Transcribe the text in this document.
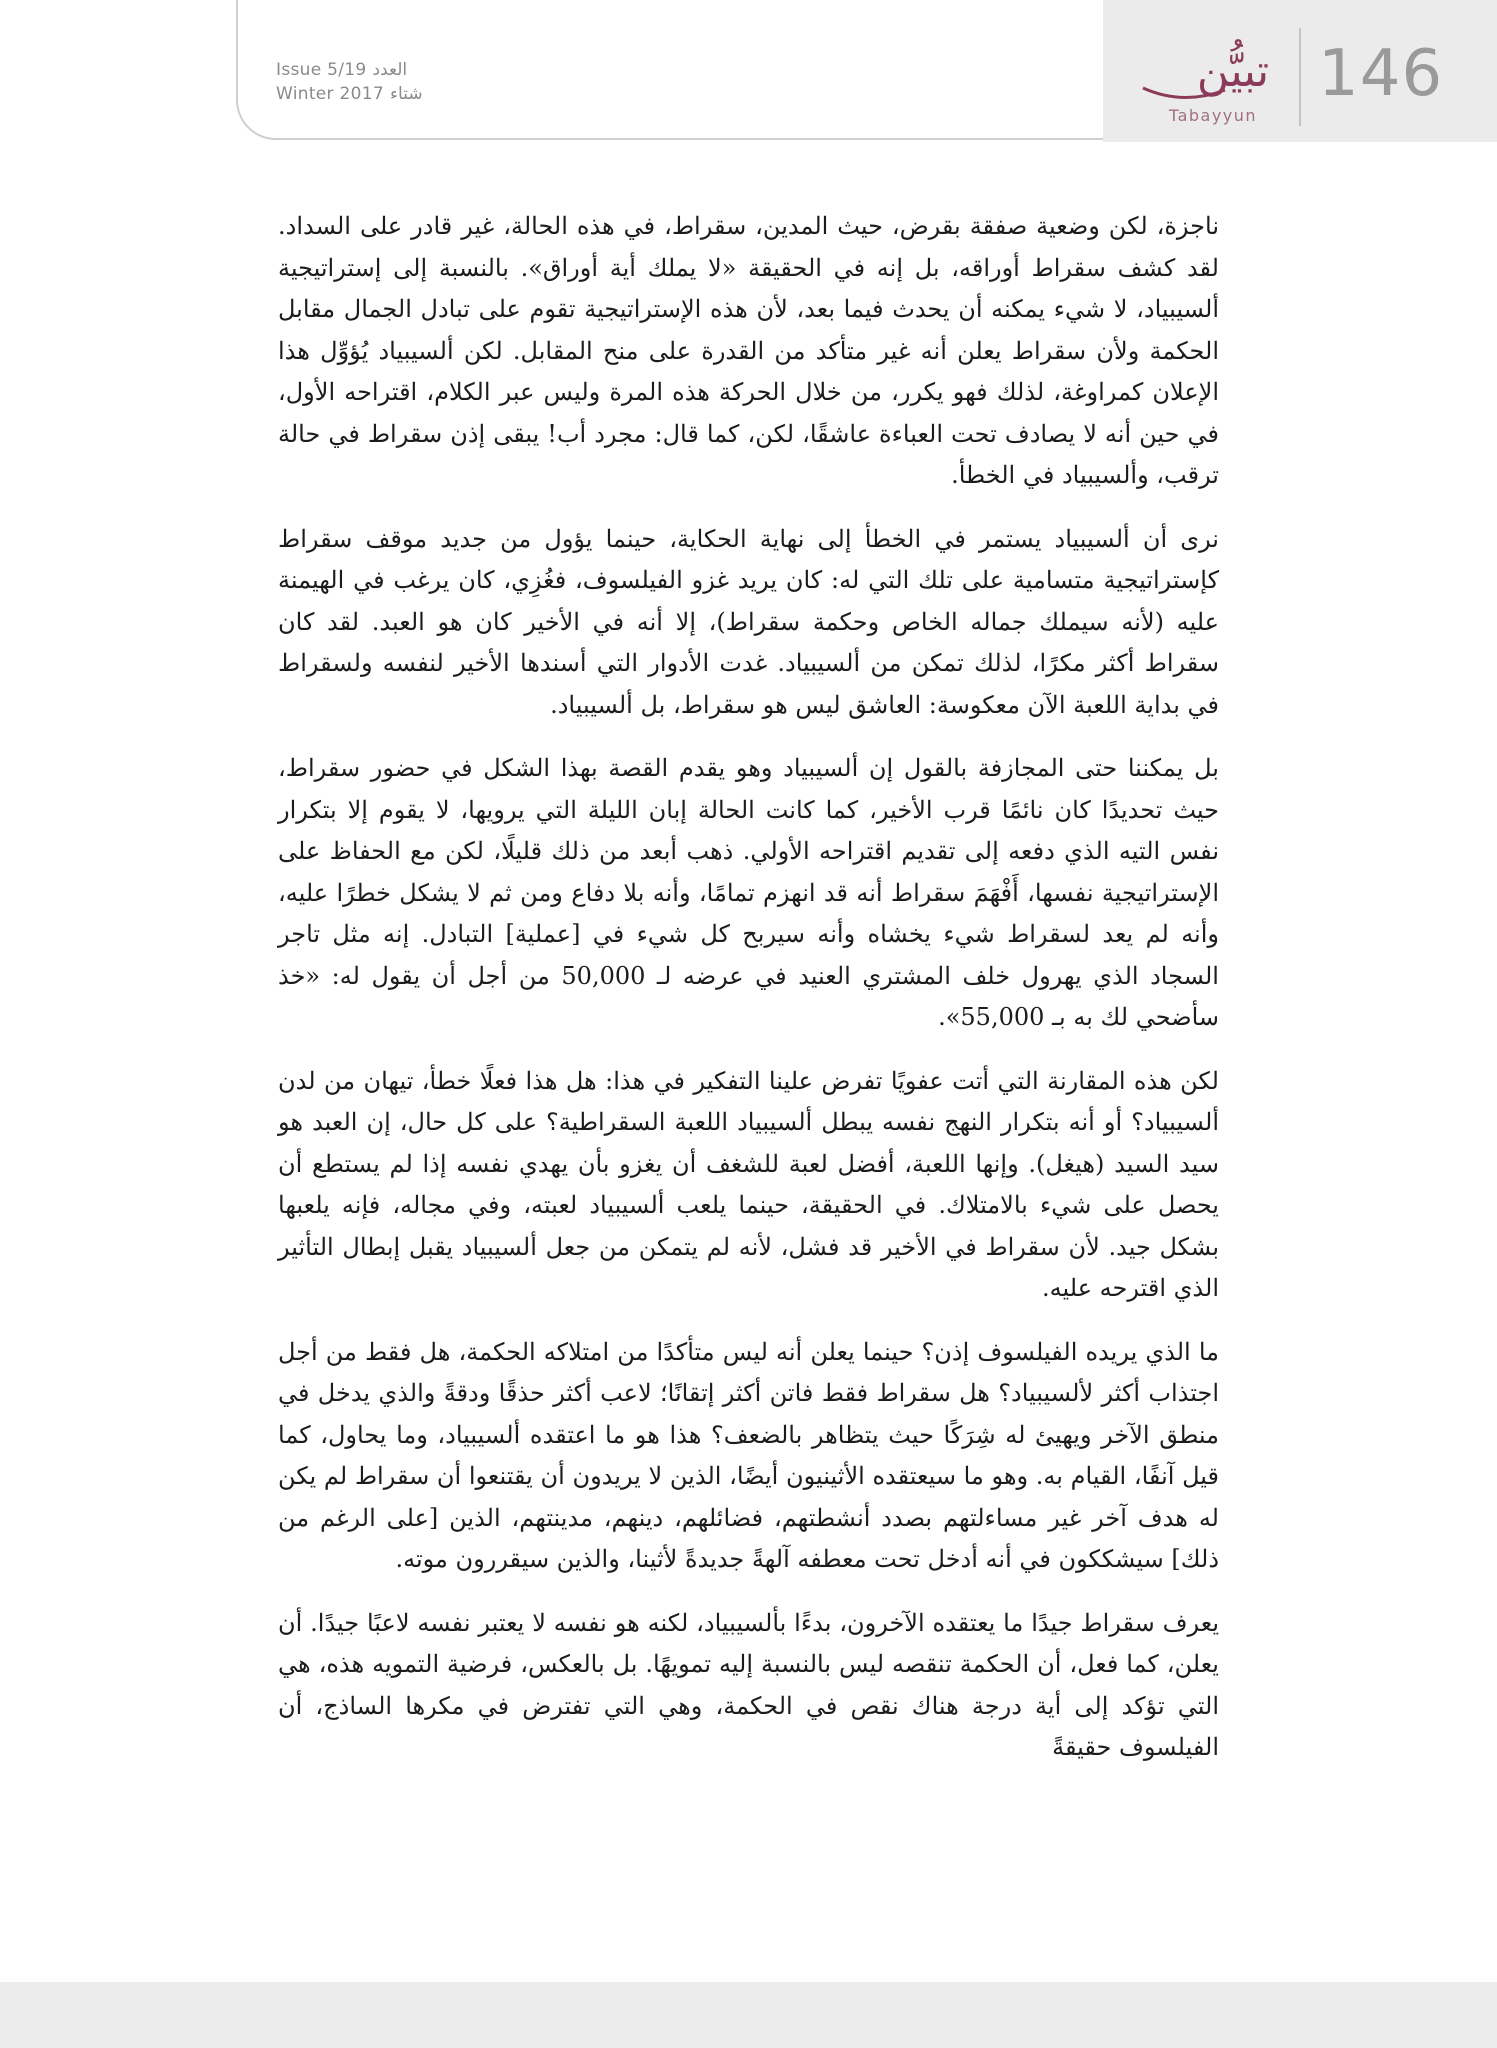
Issue 5/19 العدد
Winter 2017 شتاء	تبيُّن
Tabayyun
146

ناجزة، لكن وضعية صفقة بقرض، حيث المدين، سقراط، في هذه الحالة، غير قادر على السداد. لقد كشف سقراط أوراقه، بل إنه في الحقيقة «لا يملك أية أوراق». بالنسبة إلى إستراتيجية ألسيبياد، لا شيء يمكنه أن يحدث فيما بعد، لأن هذه الإستراتيجية تقوم على تبادل الجمال مقابل الحكمة ولأن سقراط يعلن أنه غير متأكد من القدرة على منح المقابل. لكن ألسيبياد يُؤوِّل هذا الإعلان كمراوغة، لذلك فهو يكرر، من خلال الحركة هذه المرة وليس عبر الكلام، اقتراحه الأول، في حين أنه لا يصادف تحت العباءة عاشقًا، لكن، كما قال: مجرد أب! يبقى إذن سقراط في حالة ترقب، وألسيبياد في الخطأ.

نرى أن ألسيبياد يستمر في الخطأ إلى نهاية الحكاية، حينما يؤول من جديد موقف سقراط كإستراتيجية متسامية على تلك التي له: كان يريد غزو الفيلسوف، فغُزِي، كان يرغب في الهيمنة عليه (لأنه سيملك جماله الخاص وحكمة سقراط)، إلا أنه في الأخير كان هو العبد. لقد كان سقراط أكثر مكرًا، لذلك تمكن من ألسيبياد. غدت الأدوار التي أسندها الأخير لنفسه ولسقراط في بداية اللعبة الآن معكوسة: العاشق ليس هو سقراط، بل ألسيبياد.

بل يمكننا حتى المجازفة بالقول إن ألسيبياد وهو يقدم القصة بهذا الشكل في حضور سقراط، حيث تحديدًا كان نائمًا قرب الأخير، كما كانت الحالة إبان الليلة التي يرويها، لا يقوم إلا بتكرار نفس التيه الذي دفعه إلى تقديم اقتراحه الأولي. ذهب أبعد من ذلك قليلًا، لكن مع الحفاظ على الإستراتيجية نفسها، أَفْهَمَ سقراط أنه قد انهزم تمامًا، وأنه بلا دفاع ومن ثم لا يشكل خطرًا عليه، وأنه لم يعد لسقراط شيء يخشاه وأنه سيربح كل شيء في [عملية] التبادل. إنه مثل تاجر السجاد الذي يهرول خلف المشتري العنيد في عرضه لـ 50,000 من أجل أن يقول له: «خذ سأضحي لك به بـ 55,000».

لكن هذه المقارنة التي أتت عفويًا تفرض علينا التفكير في هذا: هل هذا فعلًا خطأ، تيهان من لدن ألسيبياد؟ أو أنه بتكرار النهج نفسه يبطل ألسيبياد اللعبة السقراطية؟ على كل حال، إن العبد هو سيد السيد (هيغل). وإنها اللعبة، أفضل لعبة للشغف أن يغزو بأن يهدي نفسه إذا لم يستطع أن يحصل على شيء بالامتلاك. في الحقيقة، حينما يلعب ألسيبياد لعبته، وفي مجاله، فإنه يلعبها بشكل جيد. لأن سقراط في الأخير قد فشل، لأنه لم يتمكن من جعل ألسيبياد يقبل إبطال التأثير الذي اقترحه عليه.

ما الذي يريده الفيلسوف إذن؟ حينما يعلن أنه ليس متأكدًا من امتلاكه الحكمة، هل فقط من أجل اجتذاب أكثر لألسيبياد؟ هل سقراط فقط فاتن أكثر إتقانًا؛ لاعب أكثر حذقًا ودقةً والذي يدخل في منطق الآخر ويهيئ له شِرَكًا حيث يتظاهر بالضعف؟ هذا هو ما اعتقده ألسيبياد، وما يحاول، كما قيل آنفًا، القيام به. وهو ما سيعتقده الأثينيون أيضًا، الذين لا يريدون أن يقتنعوا أن سقراط لم يكن له هدف آخر غير مساءلتهم بصدد أنشطتهم، فضائلهم، دينهم، مدينتهم، الذين [على الرغم من ذلك] سيشككون في أنه أدخل تحت معطفه آلهةً جديدةً لأثينا، والذين سيقررون موته.

يعرف سقراط جيدًا ما يعتقده الآخرون، بدءًا بألسيبياد، لكنه هو نفسه لا يعتبر نفسه لاعبًا جيدًا. أن يعلن، كما فعل، أن الحكمة تنقصه ليس بالنسبة إليه تمويهًا. بل بالعكس، فرضية التمويه هذه، هي التي تؤكد إلى أية درجة هناك نقص في الحكمة، وهي التي تفترض في مكرها الساذج، أن الفيلسوف حقيقةً
